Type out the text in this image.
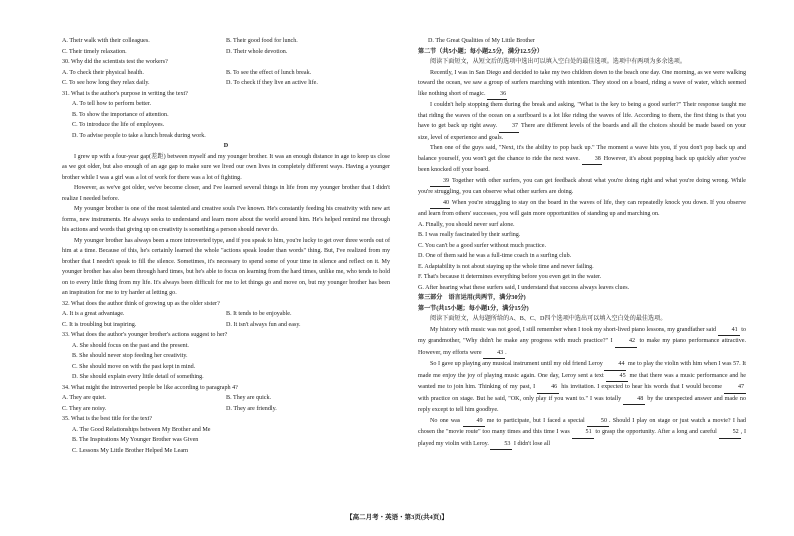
A. Their walk with their colleagues.	B. Their good food for lunch.
C. Their timely relaxation.	D. Their whole devotion.
30. Why did the scientists test the workers?
A. To check their physical health.	B. To see the effect of lunch break.
C. To see how long they relax daily.	D. To check if they live an active life.
31. What is the author's purpose in writing the text?
A. To tell how to perform better.
B. To show the importance of attention.
C. To introduce the life of employees.
D. To advise people to take a lunch break during work.
D
I grew up with a four-year gap(差距) between myself and my younger brother. It was an enough distance in age to keep us close as we got older, but also enough of an age gap to make sure we lived our own lives in completely different ways. Having a younger brother while I was a girl was a lot of work for there was a lot of fighting.
However, as we've got older, we've become closer, and I've learned several things in life from my younger brother that I didn't realize I needed before.
My younger brother is one of the most talented and creative souls I've known. He's constantly feeding his creativity with new art forms, new instruments. He always seeks to understand and learn more about the world around him. He's helped remind me through his actions and words that giving up on creativity is something a person should never do.
My younger brother has always been a more introverted type, and if you speak to him, you're lucky to get over three words out of him at a time. Because of this, he's certainly learned the whole "actions speak louder than words" thing. But, I've realized from my brother that I needn't speak to fill the silence. Sometimes, it's necessary to spend some of your time in silence and reflect on it. My younger brother has also been through hard times, but he's able to focus on learning from the hard times, unlike me, who tends to hold on to every little thing from my life. It's always been difficult for me to let things go and move on, but my younger brother has been an inspiration for me to try harder at letting go.
32. What does the author think of growing up as the older sister?
A. It is a great advantage.	B. It tends to be enjoyable.
C. It is troubling but inspiring.	D. It isn't always fun and easy.
33. What does the author's younger brother's actions suggest to her?
A. She should focus on the past and the present.
B. She should never stop feeding her creativity.
C. She should move on with the past kept in mind.
D. She should explain every little detail of something.
34. What might the introverted people be like according to paragraph 4?
A. They are quiet.	B. They are quick.
C. They are noisy.	D. They are friendly.
35. What is the best title for the text?
A. The Good Relationships between My Brother and Me
B. The Inspirations My Younger Brother was Given
C. Lessons My Little Brother Helped Me Learn
D. The Great Qualities of My Little Brother
第二节（共5小题；每小题2.5分，满分12.5分）
阅读下面短文，从短文后的选项中选出可以填入空白处的最佳选项。选项中有两项为多余选项。
Recently, I was in San Diego and decided to take my two children down to the beach one day. One morning, as we were walking toward the ocean, we saw a group of surfers marching with intention. They stood on a board, riding a wave of water, which seemed like nothing short of magic. 36
I couldn't help stopping them during the break and asking, "What is the key to being a good surfer?" Their response taught me that riding the waves of the ocean on a surfboard is a lot like riding the waves of life. According to them, the first thing is that you have to get back up right away. 37 There are different levels of the boards and all the choices should be made based on your size, level of experience and goals.
Then one of the guys said, "Next, it's the ability to pop back up." The moment a wave hits you, if you don't pop back up and balance yourself, you won't get the chance to ride the next wave. 38 However, it's about popping back up quickly after you've been knocked off your board.
39 Together with other surfers, you can get feedback about what you're doing right and what you're doing wrong. While you're struggling, you can observe what other surfers are doing.
40 When you're struggling to stay on the board in the waves of life, they can repeatedly knock you down. If you observe and learn from others' successes, you will gain more opportunities of standing up and marching on.
A. Finally, you should never surf alone.
B. I was really fascinated by their surfing.
C. You can't be a good surfer without much practice.
D. One of them said he was a full-time coach in a surfing club.
E. Adaptability is not about staying up the whole time and never failing.
F. That's because it determines everything before you even get in the water.
G. After hearing what these surfers said, I understand that success always leaves clues.
第三部分　语言运用(共两节，满分30分)
第一节(共15小题；每小题1分，满分15分)
阅读下面短文，从每题所给的A、B、C、D四个选项中选出可以填入空白处的最佳选项。
My history with music was not good, I still remember when I took my short-lived piano lessons, my grandfather said	41 to my grandmother, "Why didn't he make any progress with much practice?" I	42 to make my piano performance attractive. However, my efforts were	43 .
So I gave up playing any musical instrument until my old friend Leroy	44 me to play the violin with him when I was 57. It made me enjoy the joy of playing music again. One day, Leroy sent a text	45 me that there was a music performance and he wanted me to join him. Thinking of my past, I	46 his invitation. I expected to hear his words that I would become	47 with practice on stage. But he said, "OK, only play if you want to." I was totally	48 by the unexpected answer and made no reply except to tell him goodbye.
No one was	49 me to participate, but I faced a special	50 . Should I play on stage or just watch a movie? I had chosen the "movie route" too many times and this time I was	51 to grasp the opportunity. After a long and careful	52 , I played my violin with Leroy.	53 I didn't lose all
【高二月考・英语・第3页(共4页)】
